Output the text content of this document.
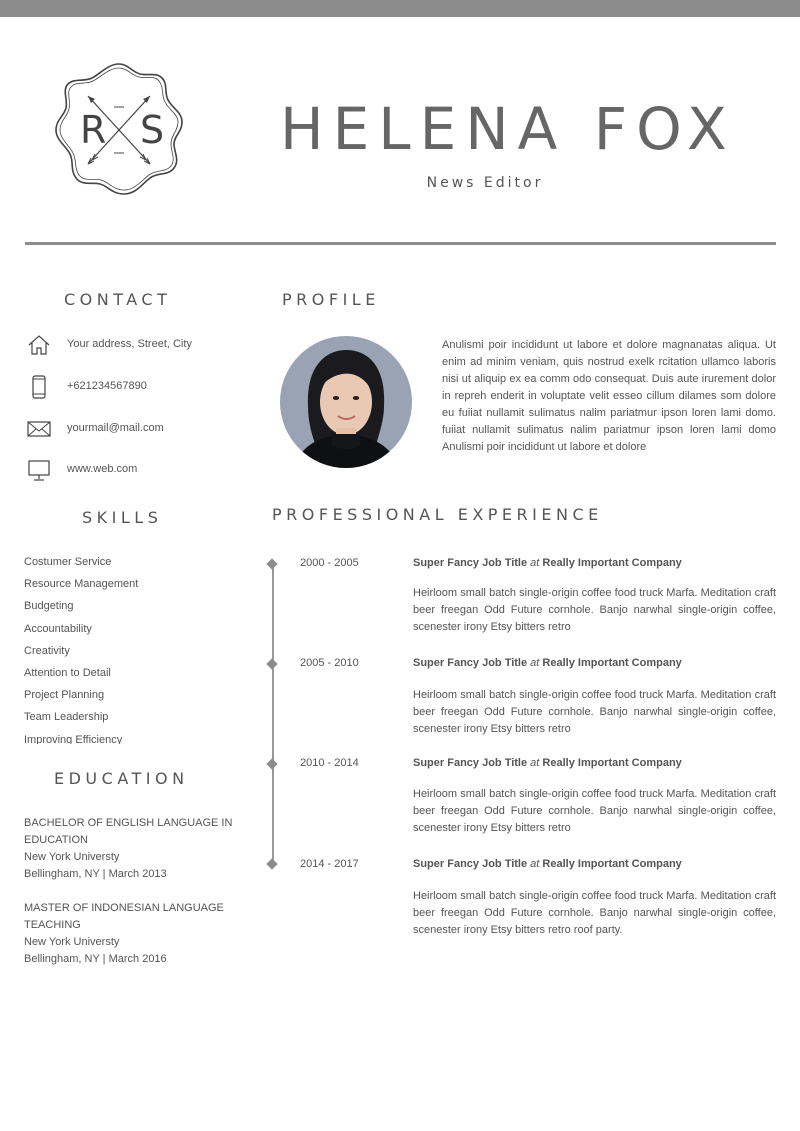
R S HELENA FOX
News Editor
CONTACT
Your address, Street, City
+621234567890
yourmail@mail.com
www.web.com
SKILLS
Costumer Service
Resource Management
Budgeting
Accountability
Creativity
Attention to Detail
Project Planning
Team Leadership
Improving Efficiency
EDUCATION
BACHELOR OF ENGLISH LANGUAGE IN EDUCATION
New York Universty
Bellingham, NY | March 2013
MASTER OF INDONESIAN LANGUAGE TEACHING
New York Universty
Bellingham, NY | March 2016
PROFILE
Anulismi poir incididunt ut labore et dolore magnanatas aliqua. Ut enim ad minim veniam, quis nostrud exelk rcitation ullamco laboris nisi ut aliquip ex ea comm odo consequat. Duis aute irurement dolor in repreh enderit in voluptate velit esseo cillum dilames som dolore eu fuiiat nullamit sulimatus nalim pariatmur ipson loren lami domo. fuiiat nullamit sulimatus nalim pariatmur ipson loren lami domo Anulismi poir incididunt ut labore et dolore
PROFESSIONAL EXPERIENCE
2000 - 2005	Super Fancy Job Title at Really Important Company
Heirloom small batch single-origin coffee food truck Marfa. Meditation craft beer freegan Odd Future cornhole. Banjo narwhal single-origin coffee, scenester irony Etsy bitters retro
2005 - 2010	Super Fancy Job Title at Really Important Company
Heirloom small batch single-origin coffee food truck Marfa. Meditation craft beer freegan Odd Future cornhole. Banjo narwhal single-origin coffee, scenester irony Etsy bitters retro
2010 - 2014	Super Fancy Job Title at Really Important Company
Heirloom small batch single-origin coffee food truck Marfa. Meditation craft beer freegan Odd Future cornhole. Banjo narwhal single-origin coffee, scenester irony Etsy bitters retro
2014 - 2017	Super Fancy Job Title at Really Important Company
Heirloom small batch single-origin coffee food truck Marfa. Meditation craft beer freegan Odd Future cornhole. Banjo narwhal single-origin coffee, scenester irony Etsy bitters retro roof party.
